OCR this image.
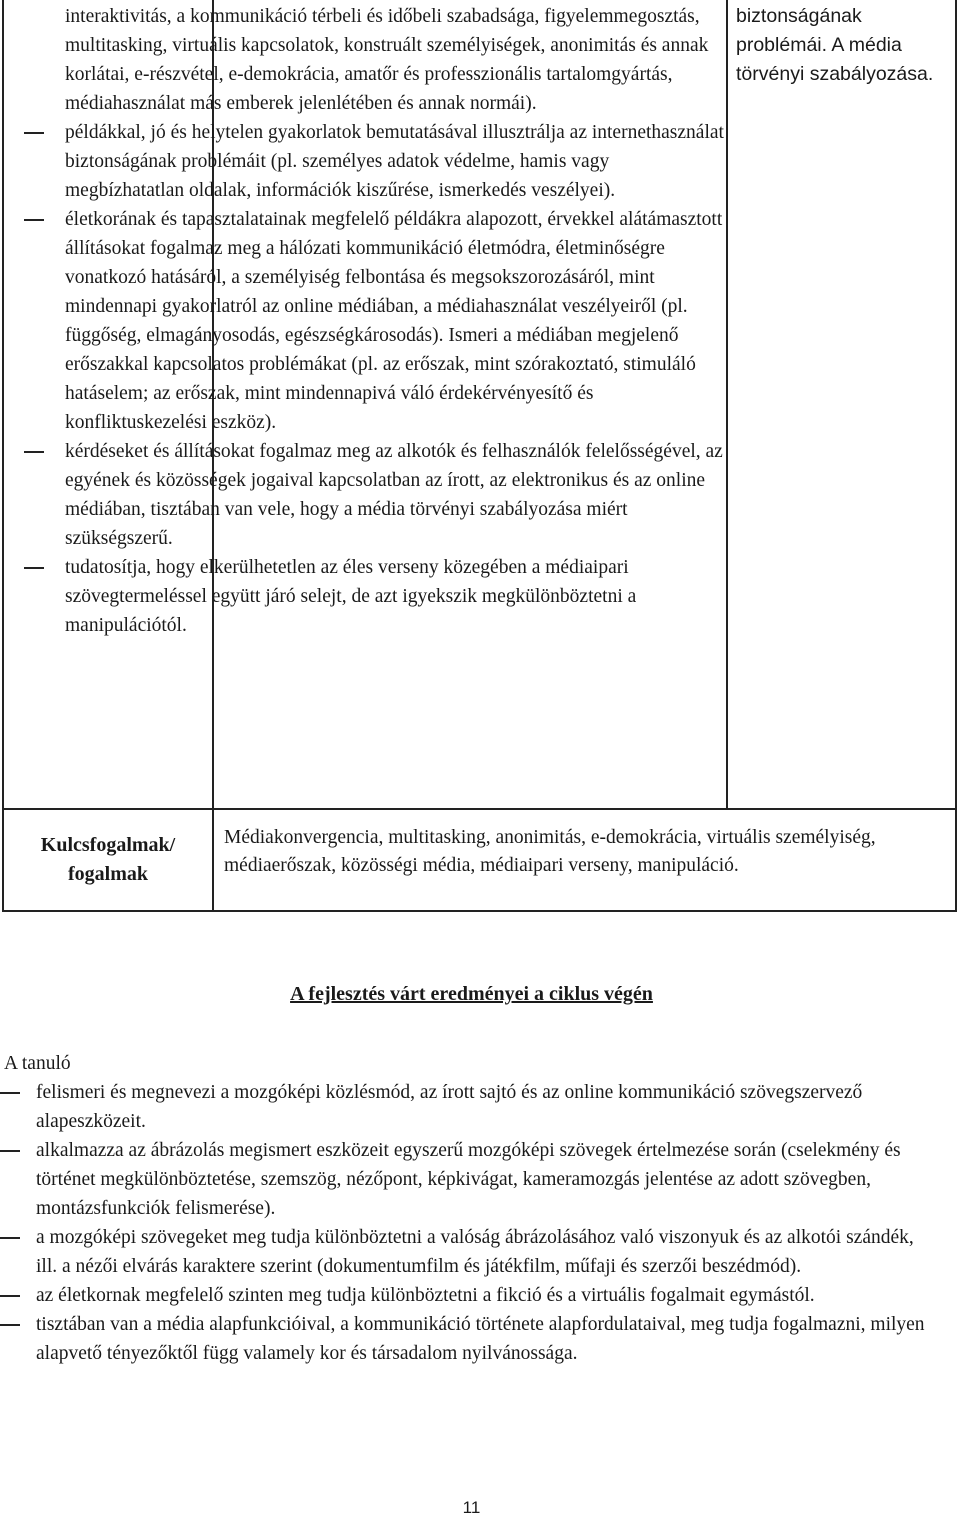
interaktivitás, a kommunikáció térbeli és időbeli szabadsága, figyelemmegosztás, multitasking, virtuális kapcsolatok, konstruált személyiségek, anonimitás és annak korlátai, e-részvétel, e-demokrácia, amatőr és professzionális tartalomgyártás, médiahasználat más emberek jelenlétében és annak normái).
példákkal, jó és helytelen gyakorlatok bemutatásával illusztrálja az internethasználat biztonságának problémáit (pl. személyes adatok védelme, hamis vagy megbízhatatlan oldalak, információk kiszűrése, ismerkedés veszélyei).
életkorának és tapasztalatainak megfelelő példákra alapozott, érvekkel alátámasztott állításokat fogalmaz meg a hálózati kommunikáció életmódra, életminőségre vonatkozó hatásáról, a személyiség felbontása és megsokszorozásáról, mint mindennapi gyakorlatról az online médiában, a médiahasználat veszélyeiről (pl. függőség, elmagányosodás, egészségkárosodás). Ismeri a médiában megjelenő erőszakkal kapcsolatos problémákat (pl. az erőszak, mint szórakoztató, stimuláló hatáselem; az erőszak, mint mindennapivá váló érdekérvényesítő és konfliktuskezelési eszköz).
kérdéseket és állításokat fogalmaz meg az alkotók és felhasználók felelősségével, az egyének és közösségek jogaival kapcsolatban az írott, az elektronikus és az online médiában, tisztában van vele, hogy a média törvényi szabályozása miért szükségszerű.
tudatosítja, hogy elkerülhetetlen az éles verseny közegében a médiaipari szövegtermeléssel együtt járó selejt, de azt igyekszik megkülönböztetni a manipulációtól.
biztonságának problémái. A média törvényi szabályozása.
Kulcsfogalmak/ fogalmak
Médiakonvergencia, multitasking, anonimitás, e-demokrácia, virtuális személyiség, médiaerőszak, közösségi média, médiaipari verseny, manipuláció.
A fejlesztés várt eredményei a ciklus végén
A tanuló
felismeri és megnevezi a mozgóképi közlésmód, az írott sajtó és az online kommunikáció szövegszervező alapeszközeit.
alkalmazza az ábrázolás megismert eszközeit egyszerű mozgóképi szövegek értelmezése során (cselekmény és történet megkülönböztetése, szemszög, nézőpont, képkivágat, kameramozgás jelentése az adott szövegben, montázsfunkciók felismerése).
a mozgóképi szövegeket meg tudja különböztetni a valóság ábrázolásához való viszonyuk és az alkotói szándék, ill. a nézői elvárás karaktere szerint (dokumentumfilm és játékfilm, műfaji és szerzői beszédmód).
az életkornak megfelelő szinten meg tudja különböztetni a fikció és a virtuális fogalmait egymástól.
tisztában van a média alapfunkcióival, a kommunikáció története alapfordulataival, meg tudja fogalmazni, milyen alapvető tényezőktől függ valamely kor és társadalom nyilvánossága.
11
